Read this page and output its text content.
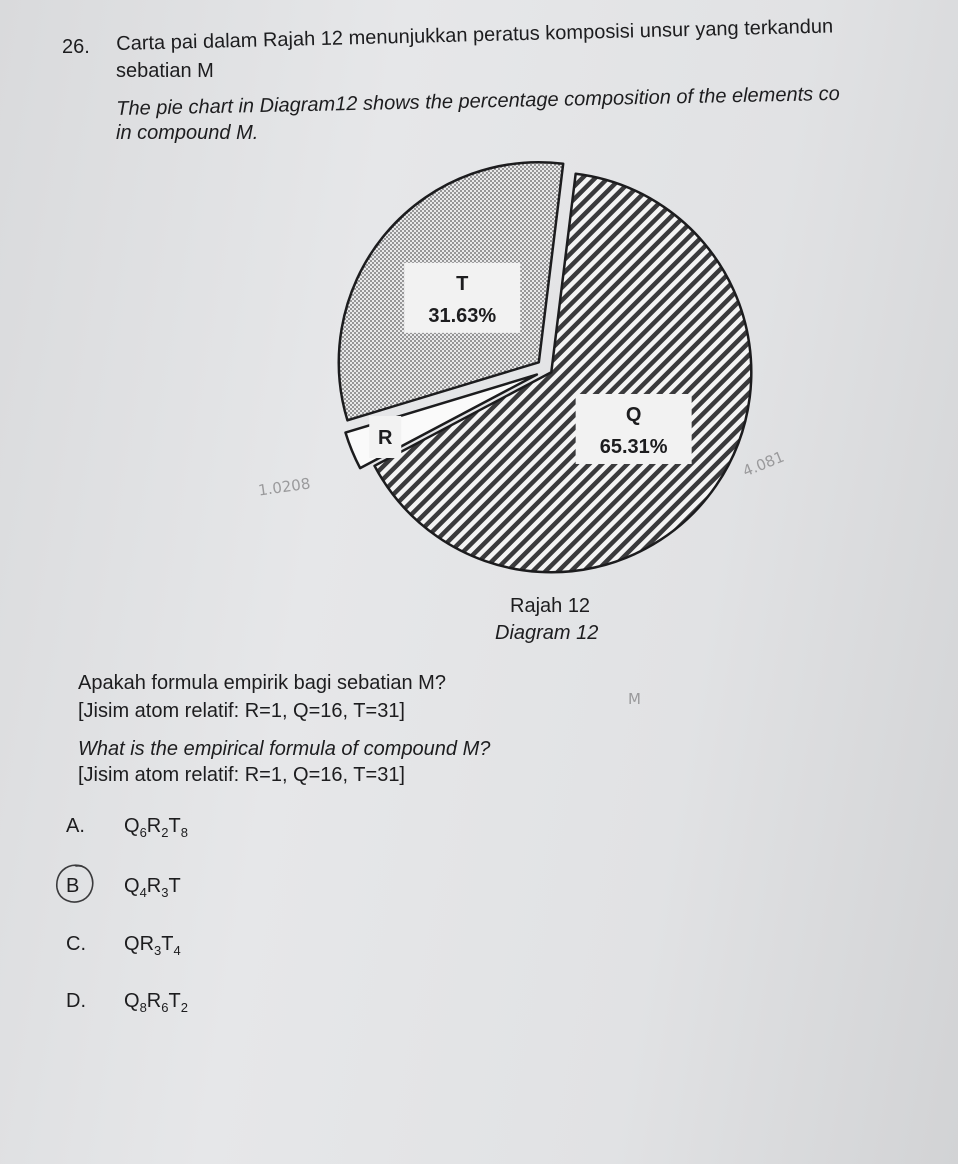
26. Carta pai dalam Rajah 12 menunjukkan peratus komposisi unsur yang terkandun
sebatian M
The pie chart in Diagram12 shows the percentage composition of the elements co
in compound M.
Q
65.31%
R
T
31.63%
Rajah 12
Diagram 12
Apakah formula empirik bagi sebatian M?
[Jisim atom relatif: R=1, Q=16, T=31]
What is the empirical formula of compound M?
[Jisim atom relatif: R=1, Q=16, T=31]
A. $Q_6R_2T_8$
B $Q_4R_3T$
C. $QR_3T_4$
D. $Q_8R_6T_2$
1.0208
4.081
M
